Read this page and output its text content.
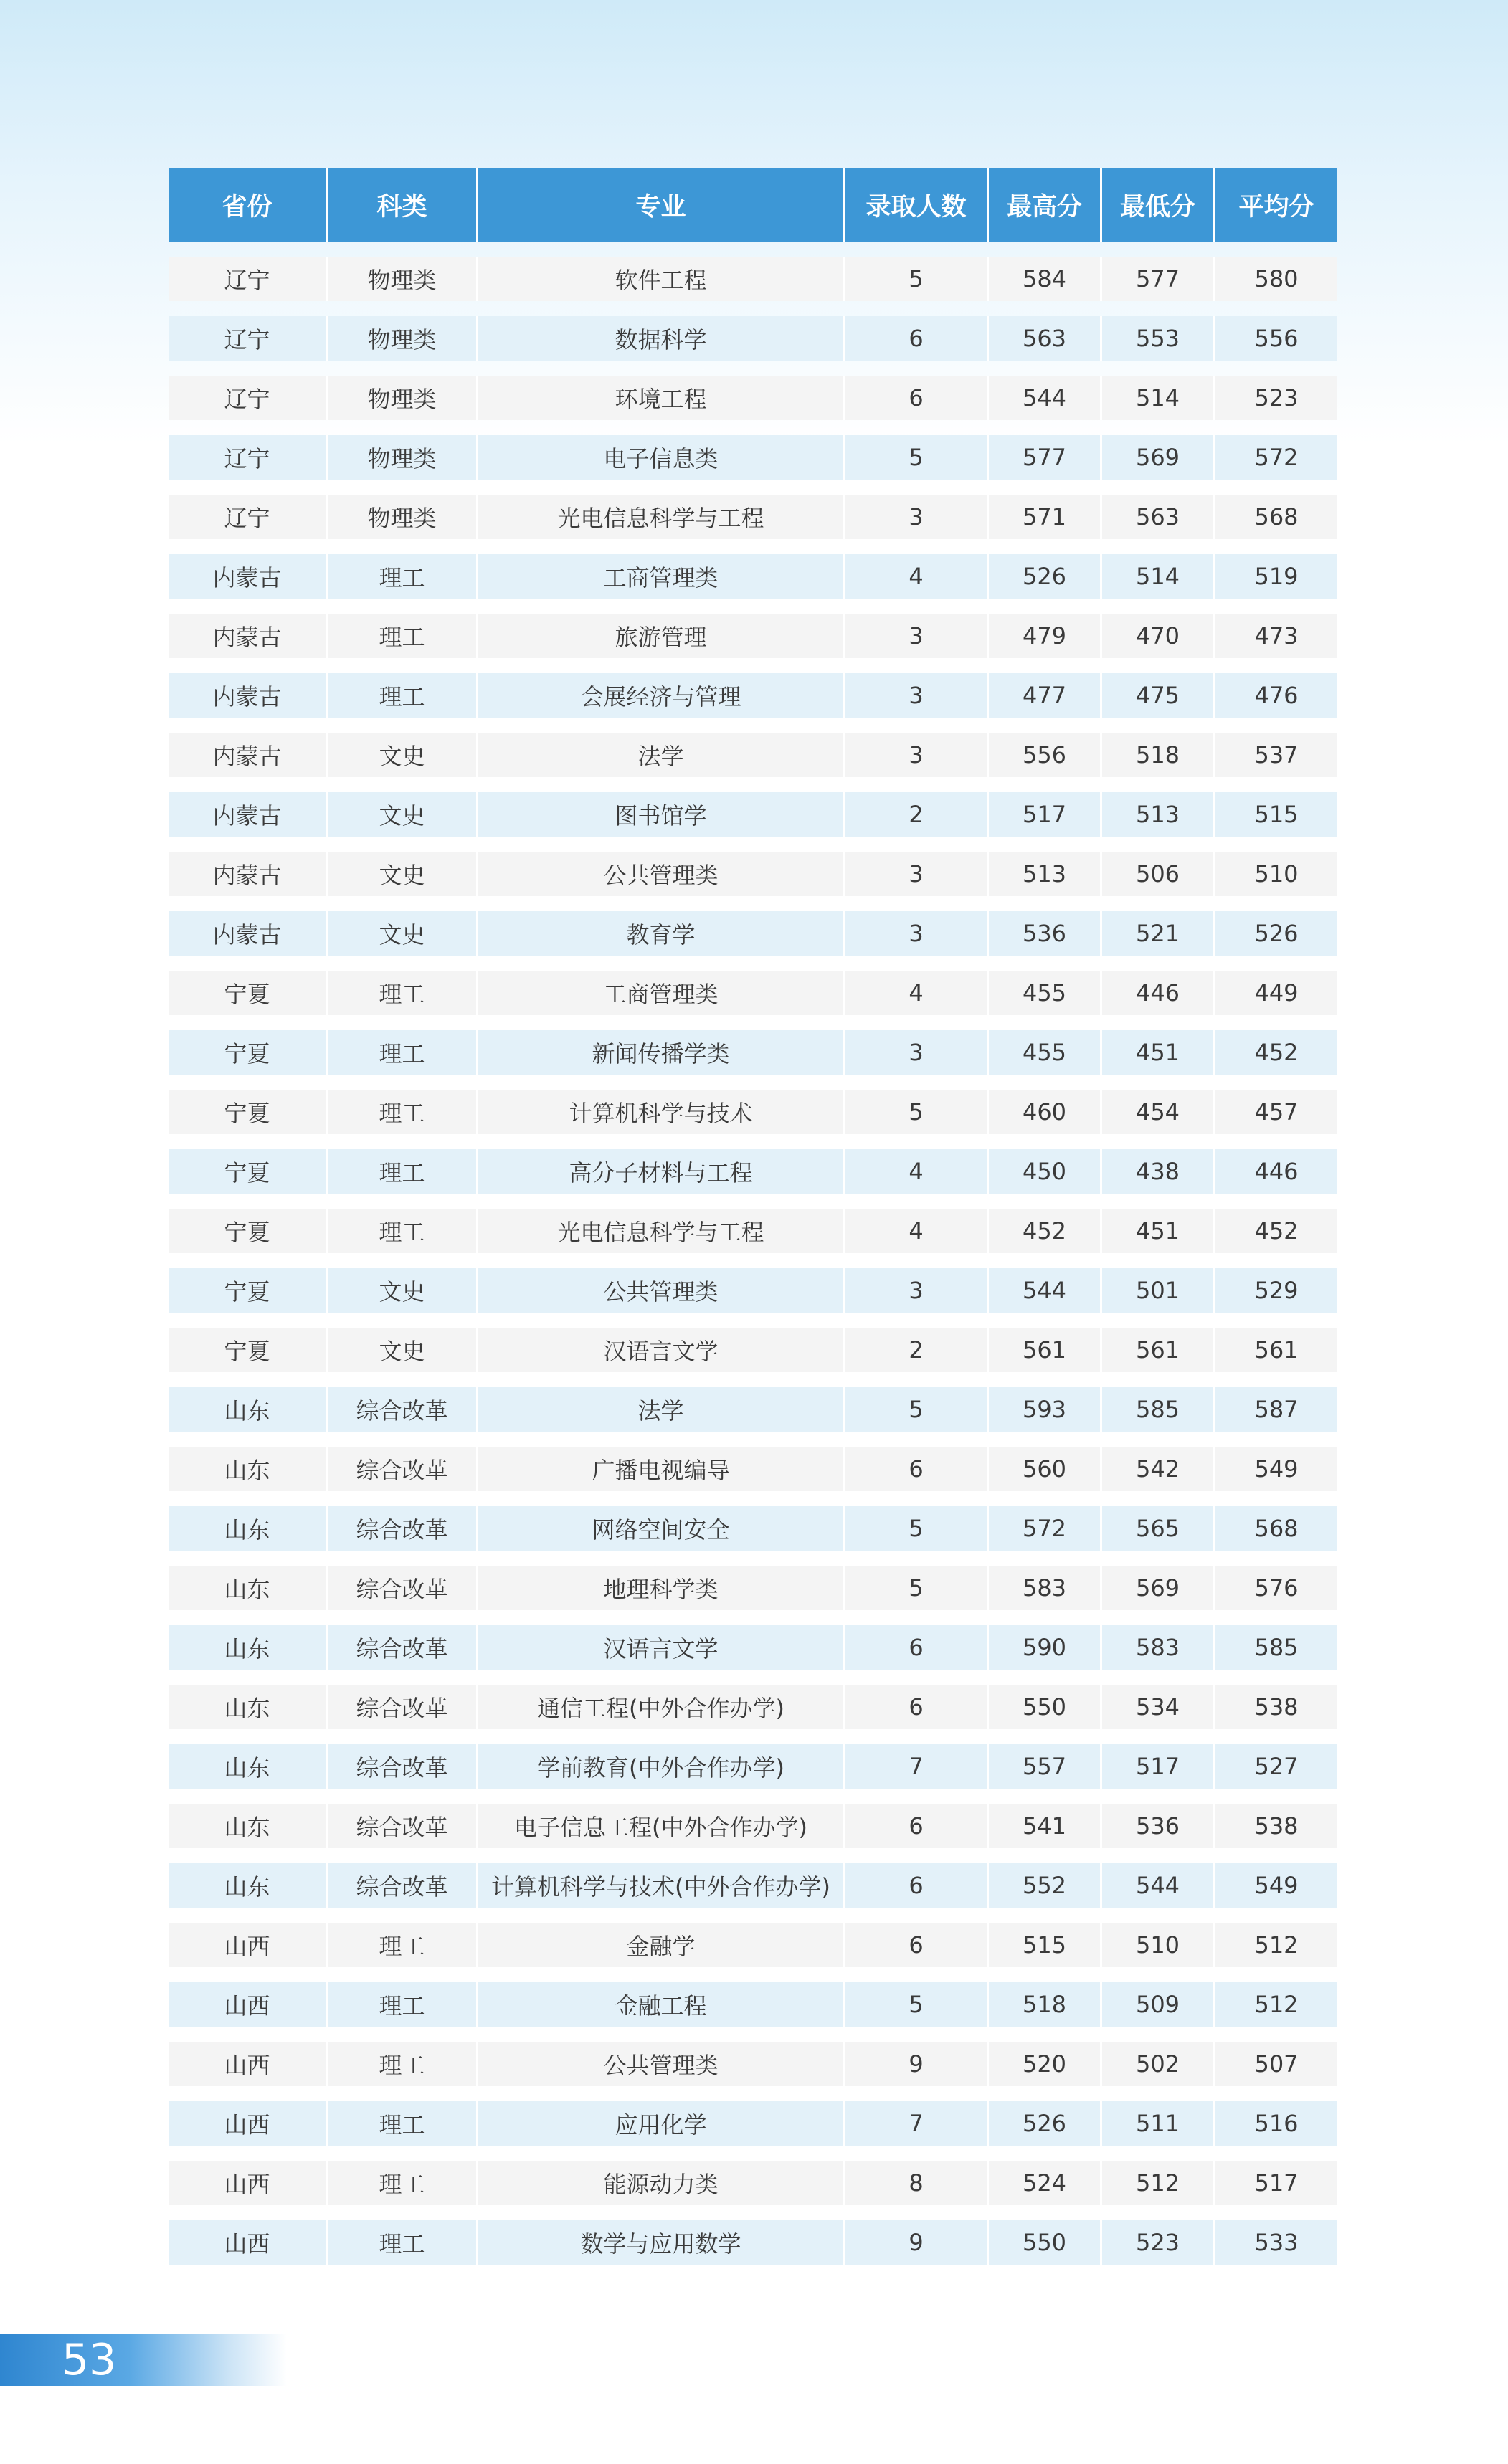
省份	科类	专业	录取人数	最高分	最低分	平均分
辽宁	物理类	软件工程	5	584	577	580
辽宁	物理类	数据科学	6	563	553	556
辽宁	物理类	环境工程	6	544	514	523
辽宁	物理类	电子信息类	5	577	569	572
辽宁	物理类	光电信息科学与工程	3	571	563	568
内蒙古	理工	工商管理类	4	526	514	519
内蒙古	理工	旅游管理	3	479	470	473
内蒙古	理工	会展经济与管理	3	477	475	476
内蒙古	文史	法学	3	556	518	537
内蒙古	文史	图书馆学	2	517	513	515
内蒙古	文史	公共管理类	3	513	506	510
内蒙古	文史	教育学	3	536	521	526
宁夏	理工	工商管理类	4	455	446	449
宁夏	理工	新闻传播学类	3	455	451	452
宁夏	理工	计算机科学与技术	5	460	454	457
宁夏	理工	高分子材料与工程	4	450	438	446
宁夏	理工	光电信息科学与工程	4	452	451	452
宁夏	文史	公共管理类	3	544	501	529
宁夏	文史	汉语言文学	2	561	561	561
山东	综合改革	法学	5	593	585	587
山东	综合改革	广播电视编导	6	560	542	549
山东	综合改革	网络空间安全	5	572	565	568
山东	综合改革	地理科学类	5	583	569	576
山东	综合改革	汉语言文学	6	590	583	585
山东	综合改革	通信工程(中外合作办学)	6	550	534	538
山东	综合改革	学前教育(中外合作办学)	7	557	517	527
山东	综合改革	电子信息工程(中外合作办学)	6	541	536	538
山东	综合改革	计算机科学与技术(中外合作办学)	6	552	544	549
山西	理工	金融学	6	515	510	512
山西	理工	金融工程	5	518	509	512
山西	理工	公共管理类	9	520	502	507
山西	理工	应用化学	7	526	511	516
山西	理工	能源动力类	8	524	512	517
山西	理工	数学与应用数学	9	550	523	533
53
